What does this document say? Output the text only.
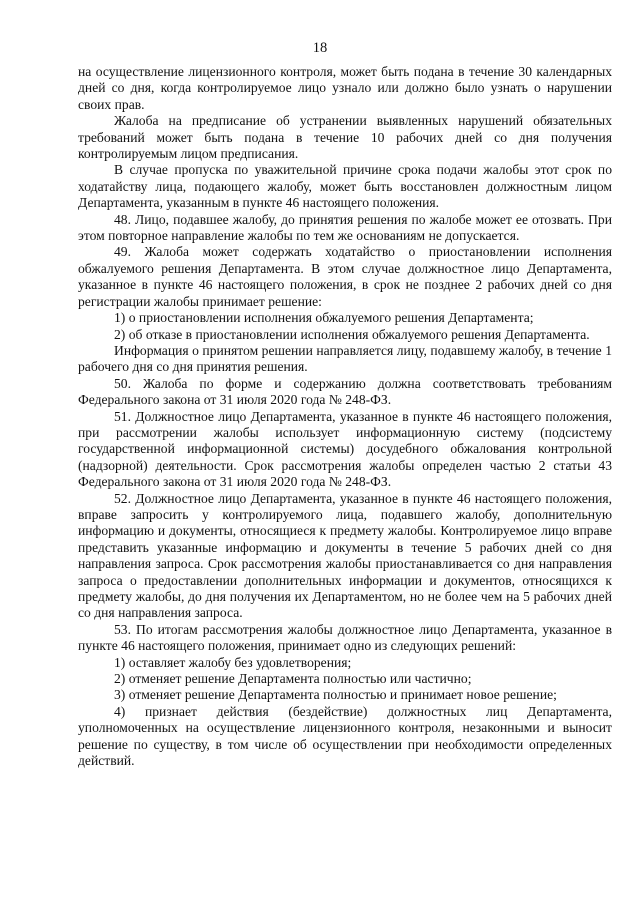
18

на осуществление лицензионного контроля, может быть подана в течение 30 календарных дней со дня, когда контролируемое лицо узнало или должно было узнать о нарушении своих прав.

Жалоба на предписание об устранении выявленных нарушений обязательных требований может быть подана в течение 10 рабочих дней со дня получения контролируемым лицом предписания.

В случае пропуска по уважительной причине срока подачи жалобы этот срок по ходатайству лица, подающего жалобу, может быть восстановлен должностным лицом Департамента, указанным в пункте 46 настоящего положения.

48. Лицо, подавшее жалобу, до принятия решения по жалобе может ее отозвать. При этом повторное направление жалобы по тем же основаниям не допускается.

49. Жалоба может содержать ходатайство о приостановлении исполнения обжалуемого решения Департамента. В этом случае должностное лицо Департамента, указанное в пункте 46 настоящего положения, в срок не позднее 2 рабочих дней со дня регистрации жалобы принимает решение:

1) о приостановлении исполнения обжалуемого решения Департамента;

2) об отказе в приостановлении исполнения обжалуемого решения Департамента.

Информация о принятом решении направляется лицу, подавшему жалобу, в течение 1 рабочего дня со дня принятия решения.

50. Жалоба по форме и содержанию должна соответствовать требованиям Федерального закона от 31 июля 2020 года № 248-ФЗ.

51. Должностное лицо Департамента, указанное в пункте 46 настоящего положения, при рассмотрении жалобы использует информационную систему (подсистему государственной информационной системы) досудебного обжалования контрольной (надзорной) деятельности. Срок рассмотрения жалобы определен частью 2 статьи 43 Федерального закона от 31 июля 2020 года № 248-ФЗ.

52. Должностное лицо Департамента, указанное в пункте 46 настоящего положения, вправе запросить у контролируемого лица, подавшего жалобу, дополнительную информацию и документы, относящиеся к предмету жалобы. Контролируемое лицо вправе представить указанные информацию и документы в течение 5 рабочих дней со дня направления запроса. Срок рассмотрения жалобы приостанавливается со дня направления запроса о предоставлении дополнительных информации и документов, относящихся к предмету жалобы, до дня получения их Департаментом, но не более чем на 5 рабочих дней со дня направления запроса.

53. По итогам рассмотрения жалобы должностное лицо Департамента, указанное в пункте 46 настоящего положения, принимает одно из следующих решений:

1) оставляет жалобу без удовлетворения;

2) отменяет решение Департамента полностью или частично;

3) отменяет решение Департамента полностью и принимает новое решение;

4) признает действия (бездействие) должностных лиц Департамента, уполномоченных на осуществление лицензионного контроля, незаконными и выносит решение по существу, в том числе об осуществлении при необходимости определенных действий.
